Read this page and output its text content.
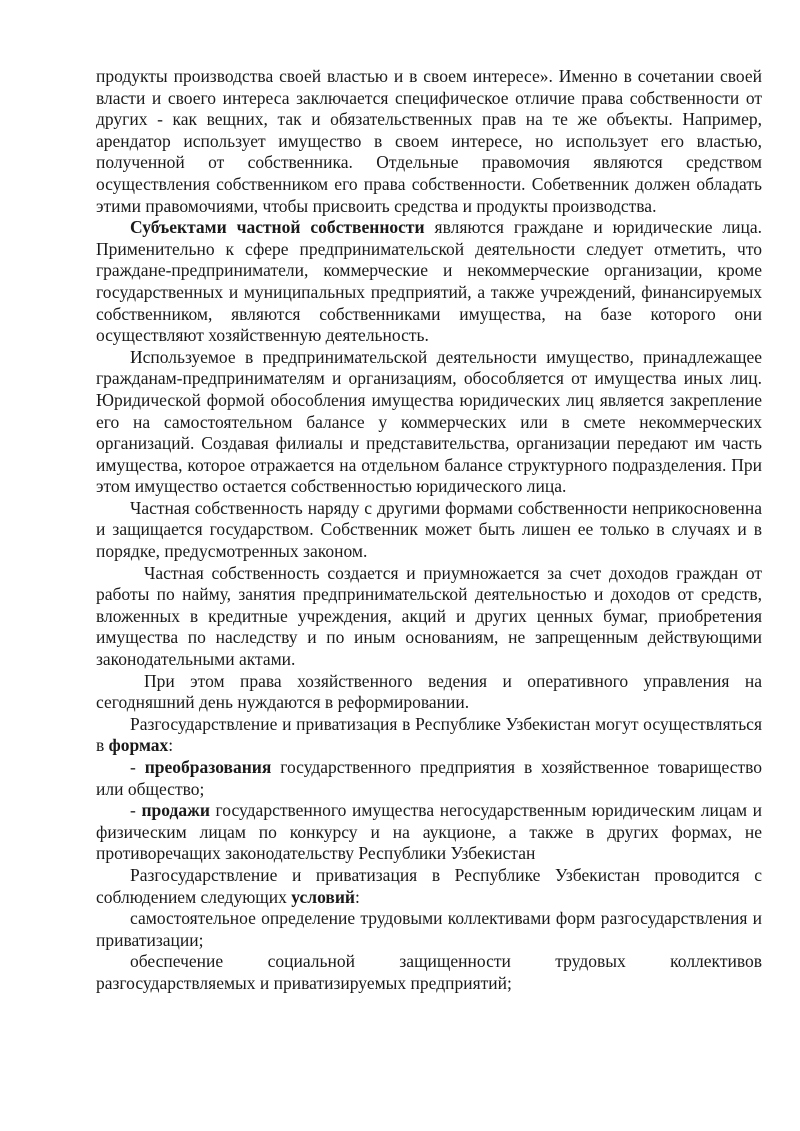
продукты производства своей властью и в своем интересе». Именно в сочетании своей власти и своего интереса заключается специфическое отличие права собственности от других - как вещних, так и обязательственных прав на те же объекты. Например, арендатор использует имущество в своем интересе, но использует его властью, полученной от собственника. Отдельные правомочия являются средством осуществления собственником его права собственности. Собетвенник должен обладать этими правомочиями, чтобы присвоить средства и продукты производства.

Субъектами частной собственности являются граждане и юридические лица. Применительно к сфере предпринимательской деятельности следует отметить, что граждане-предприниматели, коммерческие и некоммерческие организации, кроме государственных и муниципальных предприятий, а также учреждений, финансируемых собственником, являются собственниками имущества, на базе которого они осуществляют хозяйственную деятельность.

Используемое в предпринимательской деятельности имущество, принадлежащее гражданам-предпринимателям и организациям, обособляется от имущества иных лиц. Юридической формой обособления имущества юридических лиц является закрепление его на самостоятельном балансе у коммерческих или в смете некоммерческих организаций. Создавая филиалы и представительства, организации передают им часть имущества, которое отражается на отдельном балансе структурного подразделения. При этом имущество остается собственностью юридического лица.

Частная собственность наряду с другими формами собственности неприкосновенна и защищается государством. Собственник может быть лишен ее только в случаях и в порядке, предусмотренных законом.

Частная собственность создается и приумножается за счет доходов граждан от работы по найму, занятия предпринимательской деятельностью и доходов от средств, вложенных в кредитные учреждения, акций и других ценных бумаг, приобретения имущества по наследству и по иным основаниям, не запрещенным действующими законодательными актами.

При этом права хозяйственного ведения и оперативного управления на сегодняшний день нуждаются в реформировании.

Разгосударствление и приватизация в Республике Узбекистан могут осуществляться в формах:

- преобразования государственного предприятия в хозяйственное товарищество или общество;

- продажи государственного имущества негосударственным юридическим лицам и физическим лицам по конкурсу и на аукционе, а также в других формах, не противоречащих законодательству Республики Узбекистан

Разгосударствление и приватизация в Республике Узбекистан проводится с соблюдением следующих условий:

самостоятельное определение трудовыми коллективами форм разгосударствления и приватизации;

обеспечение социальной защищенности трудовых коллективов разгосударствляемых и приватизируемых предприятий;
